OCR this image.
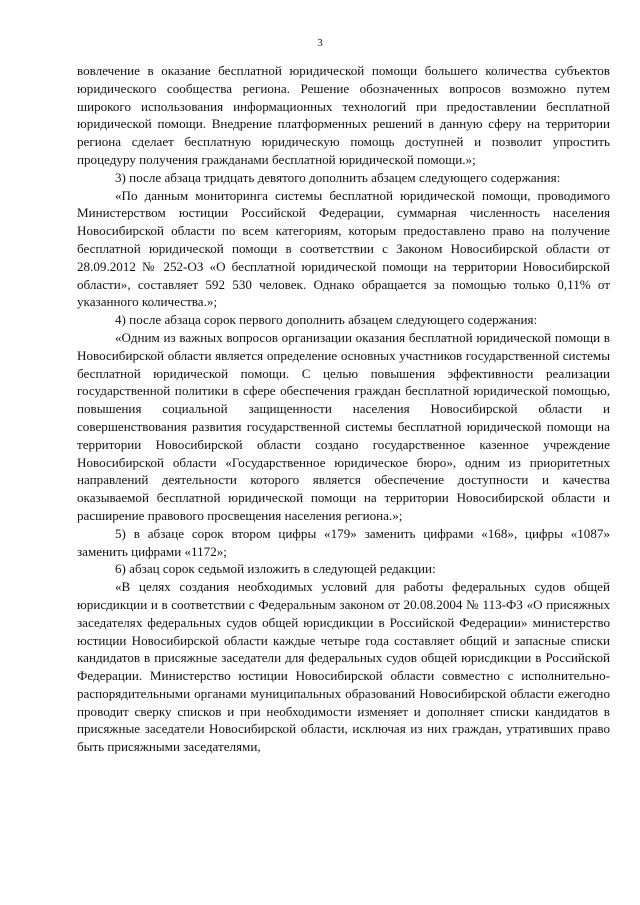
3

вовлечение в оказание бесплатной юридической помощи большего количества субъектов юридического сообщества региона. Решение обозначенных вопросов возможно путем широкого использования информационных технологий при предоставлении бесплатной юридической помощи. Внедрение платформенных решений в данную сферу на территории региона сделает бесплатную юридическую помощь доступней и позволит упростить процедуру получения гражданами бесплатной юридической помощи.»;

3) после абзаца тридцать девятого дополнить абзацем следующего содержания:

«По данным мониторинга системы бесплатной юридической помощи, проводимого Министерством юстиции Российской Федерации, суммарная численность населения Новосибирской области по всем категориям, которым предоставлено право на получение бесплатной юридической помощи в соответствии с Законом Новосибирской области от 28.09.2012 № 252-ОЗ «О бесплатной юридической помощи на территории Новосибирской области», составляет 592 530 человек. Однако обращается за помощью только 0,11% от указанного количества.»;

4) после абзаца сорок первого дополнить абзацем следующего содержания:

«Одним из важных вопросов организации оказания бесплатной юридической помощи в Новосибирской области является определение основных участников государственной системы бесплатной юридической помощи. С целью повышения эффективности реализации государственной политики в сфере обеспечения граждан бесплатной юридической помощью, повышения социальной защищенности населения Новосибирской области и совершенствования развития государственной системы бесплатной юридической помощи на территории Новосибирской области создано государственное казенное учреждение Новосибирской области «Государственное юридическое бюро», одним из приоритетных направлений деятельности которого является обеспечение доступности и качества оказываемой бесплатной юридической помощи на территории Новосибирской области и расширение правового просвещения населения региона.»;

5) в абзаце сорок втором цифры «179» заменить цифрами «168», цифры «1087» заменить цифрами «1172»;

6) абзац сорок седьмой изложить в следующей редакции:

«В целях создания необходимых условий для работы федеральных судов общей юрисдикции и в соответствии с Федеральным законом от 20.08.2004 № 113-ФЗ «О присяжных заседателях федеральных судов общей юрисдикции в Российской Федерации» министерство юстиции Новосибирской области каждые четыре года составляет общий и запасные списки кандидатов в присяжные заседатели для федеральных судов общей юрисдикции в Российской Федерации. Министерство юстиции Новосибирской области совместно с исполнительно-распорядительными органами муниципальных образований Новосибирской области ежегодно проводит сверку списков и при необходимости изменяет и дополняет списки кандидатов в присяжные заседатели Новосибирской области, исключая из них граждан, утративших право быть присяжными заседателями,
